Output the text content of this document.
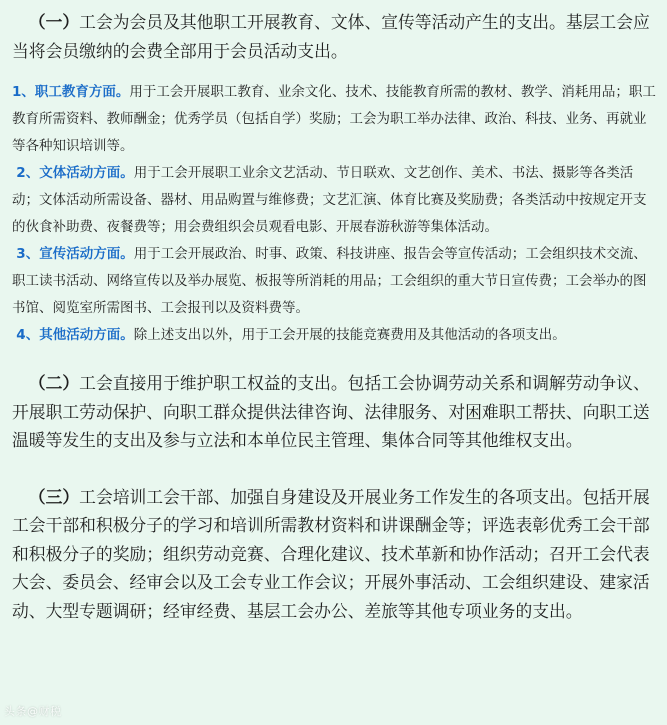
（一）工会为会员及其他职工开展教育、文体、宣传等活动产生的支出。基层工会应当将会员缴纳的会费全部用于会员活动支出。

1、职工教育方面。用于工会开展职工教育、业余文化、技术、技能教育所需的教材、教学、消耗用品；职工教育所需资料、教师酬金；优秀学员（包括自学）奖励；工会为职工举办法律、政治、科技、业务、再就业等各种知识培训等。

2、文体活动方面。用于工会开展职工业余文艺活动、节日联欢、文艺创作、美术、书法、摄影等各类活动；文体活动所需设备、器材、用品购置与维修费；文艺汇演、体育比赛及奖励费；各类活动中按规定开支的伙食补助费、夜餐费等；用会费组织会员观看电影、开展春游秋游等集体活动。

3、宣传活动方面。用于工会开展政治、时事、政策、科技讲座、报告会等宣传活动；工会组织技术交流、职工读书活动、网络宣传以及举办展览、板报等所消耗的用品；工会组织的重大节日宣传费；工会举办的图书馆、阅览室所需图书、工会报刊以及资料费等。

4、其他活动方面。除上述支出以外，用于工会开展的技能竞赛费用及其他活动的各项支出。

（二）工会直接用于维护职工权益的支出。包括工会协调劳动关系和调解劳动争议、开展职工劳动保护、向职工群众提供法律咨询、法律服务、对困难职工帮扶、向职工送温暖等发生的支出及参与立法和本单位民主管理、集体合同等其他维权支出。

（三）工会培训工会干部、加强自身建设及开展业务工作发生的各项支出。包括开展工会干部和积极分子的学习和培训所需教材资料和讲课酬金等；评选表彰优秀工会干部和积极分子的奖励；组织劳动竞赛、合理化建议、技术革新和协作活动；召开工会代表大会、委员会、经审会以及工会专业工作会议；开展外事活动、工会组织建设、建家活动、大型专题调研；经审经费、基层工会办公、差旅等其他专项业务的支出。

头条@财税
